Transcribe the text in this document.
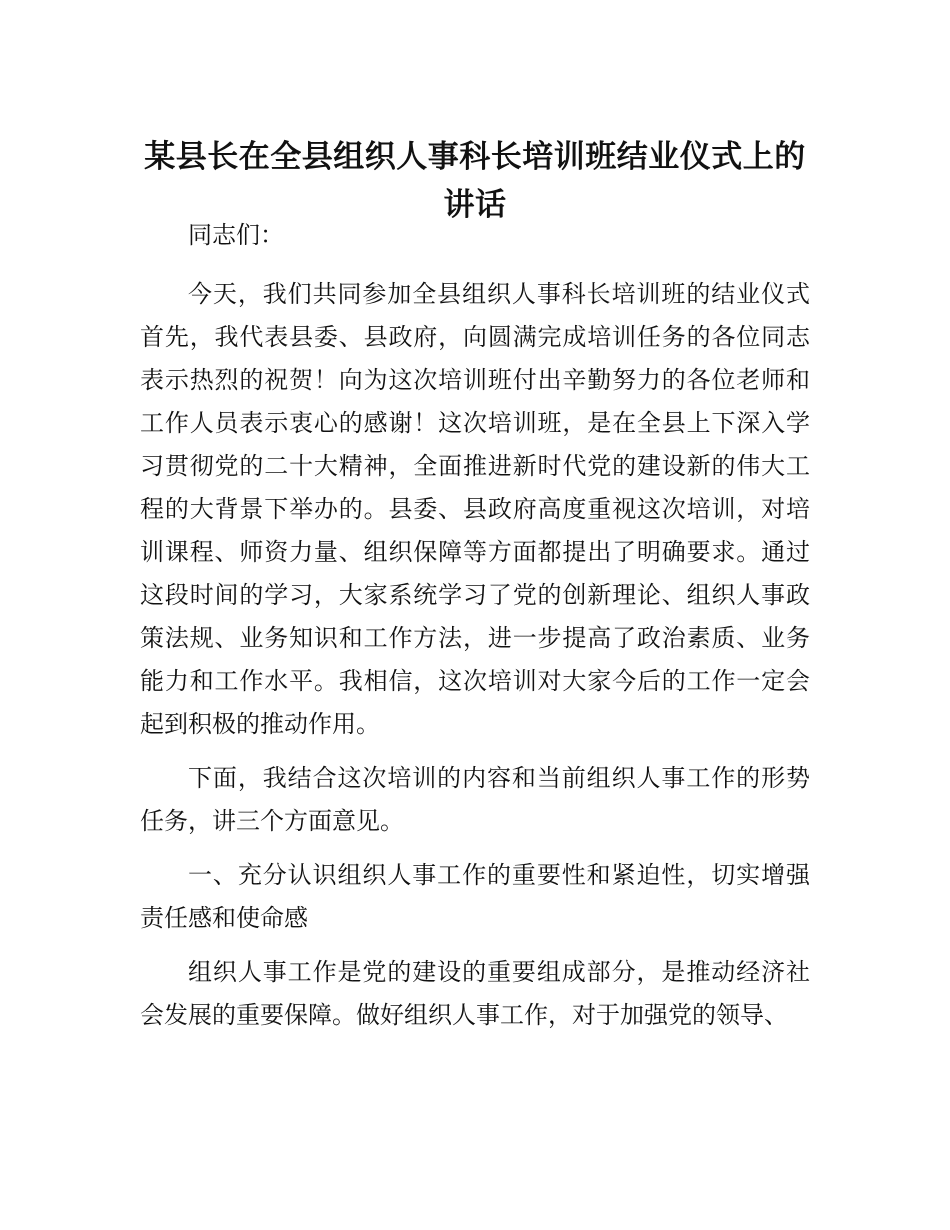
某县长在全县组织人事科长培训班结业仪式上的讲话

同志们：

今天，我们共同参加全县组织人事科长培训班的结业仪式首先，我代表县委、县政府，向圆满完成培训任务的各位同志表示热烈的祝贺！向为这次培训班付出辛勤努力的各位老师和工作人员表示衷心的感谢！这次培训班，是在全县上下深入学习贯彻党的二十大精神，全面推进新时代党的建设新的伟大工程的大背景下举办的。县委、县政府高度重视这次培训，对培训课程、师资力量、组织保障等方面都提出了明确要求。通过这段时间的学习，大家系统学习了党的创新理论、组织人事政策法规、业务知识和工作方法，进一步提高了政治素质、业务能力和工作水平。我相信，这次培训对大家今后的工作一定会起到积极的推动作用。

下面，我结合这次培训的内容和当前组织人事工作的形势任务，讲三个方面意见。

一、充分认识组织人事工作的重要性和紧迫性，切实增强责任感和使命感

组织人事工作是党的建设的重要组成部分，是推动经济社会发展的重要保障。做好组织人事工作，对于加强党的领导、
